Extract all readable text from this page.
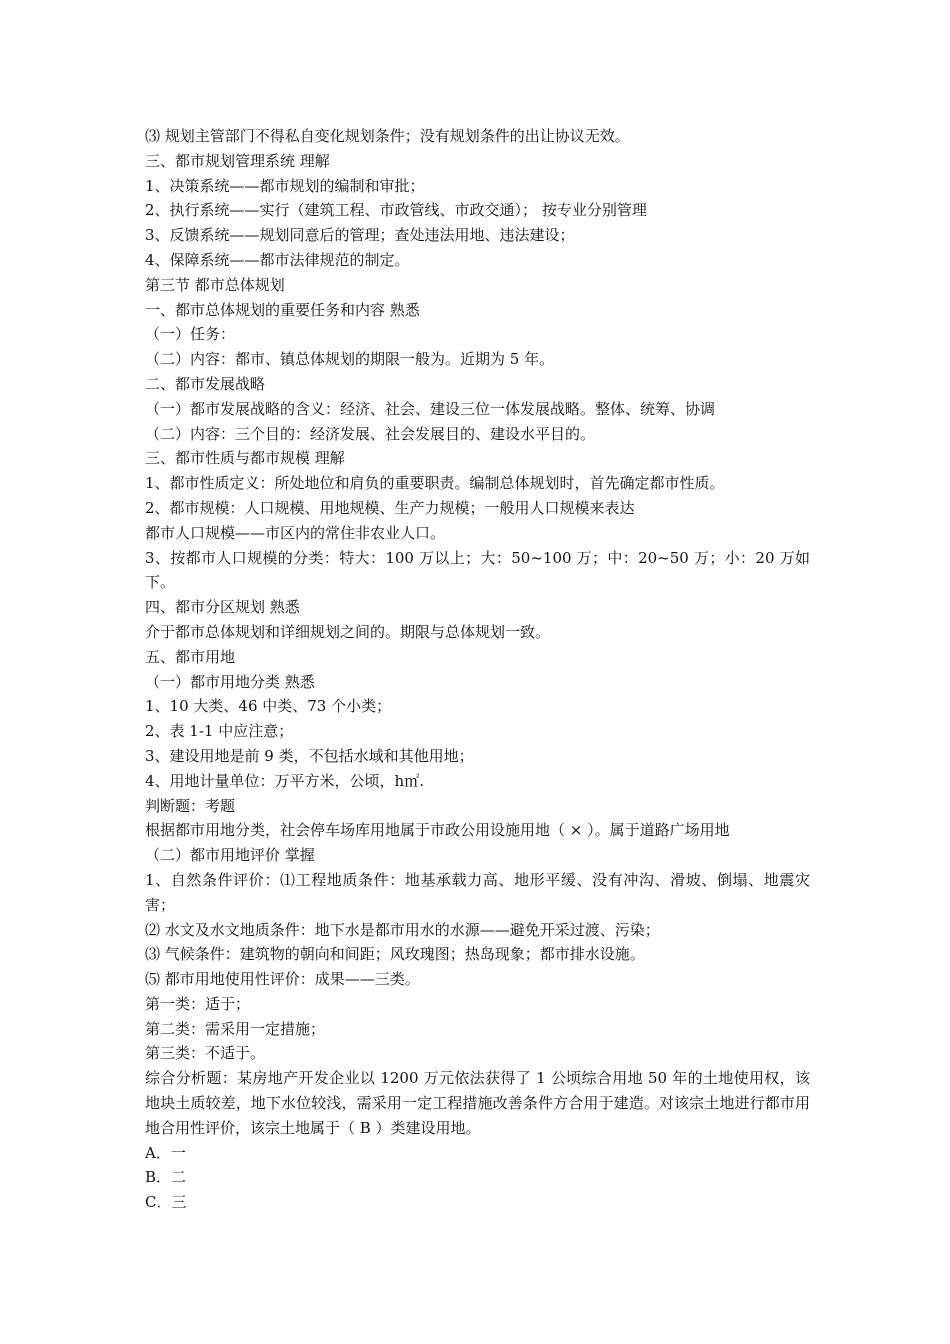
⑶ 规划主管部门不得私自变化规划条件；没有规划条件的出让协议无效。

三、都市规划管理系统 理解

1、决策系统——都市规划的编制和审批；

2、执行系统——实行（建筑工程、市政管线、市政交通）； 按专业分别管理

3、反馈系统——规划同意后的管理；查处违法用地、违法建设；

4、保障系统——都市法律规范的制定。

第三节 都市总体规划

一、都市总体规划的重要任务和内容 熟悉

（一）任务：

（二）内容：都市、镇总体规划的期限一般为。近期为 5 年。

二、都市发展战略

（一）都市发展战略的含义：经济、社会、建设三位一体发展战略。整体、统筹、协调

（二）内容：三个目的：经济发展、社会发展目的、建设水平目的。

三、都市性质与都市规模 理解

1、都市性质定义：所处地位和肩负的重要职责。编制总体规划时，首先确定都市性质。

2、都市规模：人口规模、用地规模、生产力规模；一般用人口规模来表达

都市人口规模——市区内的常住非农业人口。

3、按都市人口规模的分类：特大：100 万以上；大：50~100 万；中：20~50 万；小：20 万如下。

四、都市分区规划 熟悉

介于都市总体规划和详细规划之间的。期限与总体规划一致。

五、都市用地

（一）都市用地分类 熟悉

1、10 大类、46 中类、73 个小类；

2、表 1-1 中应注意；

3、建设用地是前 9 类，不包括水域和其他用地；

4、用地计量单位：万平方米，公顷，h㎡.

判断题：考题

根据都市用地分类，社会停车场库用地属于市政公用设施用地（ × ）。属于道路广场用地

（二）都市用地评价 掌握

1、自然条件评价：⑴工程地质条件：地基承载力高、地形平缓、没有冲沟、滑坡、倒塌、地震灾害；

⑵ 水文及水文地质条件：地下水是都市用水的水源——避免开采过渡、污染；

⑶ 气候条件：建筑物的朝向和间距；风玫瑰图；热岛现象；都市排水设施。

⑸ 都市用地使用性评价：成果——三类。

第一类：适于；

第二类：需采用一定措施；

第三类：不适于。

综合分析题：某房地产开发企业以 1200 万元依法获得了 1 公顷综合用地 50 年的土地使用权，该地块土质较差，地下水位较浅，需采用一定工程措施改善条件方合用于建造。对该宗土地进行都市用地合用性评价，该宗土地属于（ B ）类建设用地。

A．一

B．二

C．三
